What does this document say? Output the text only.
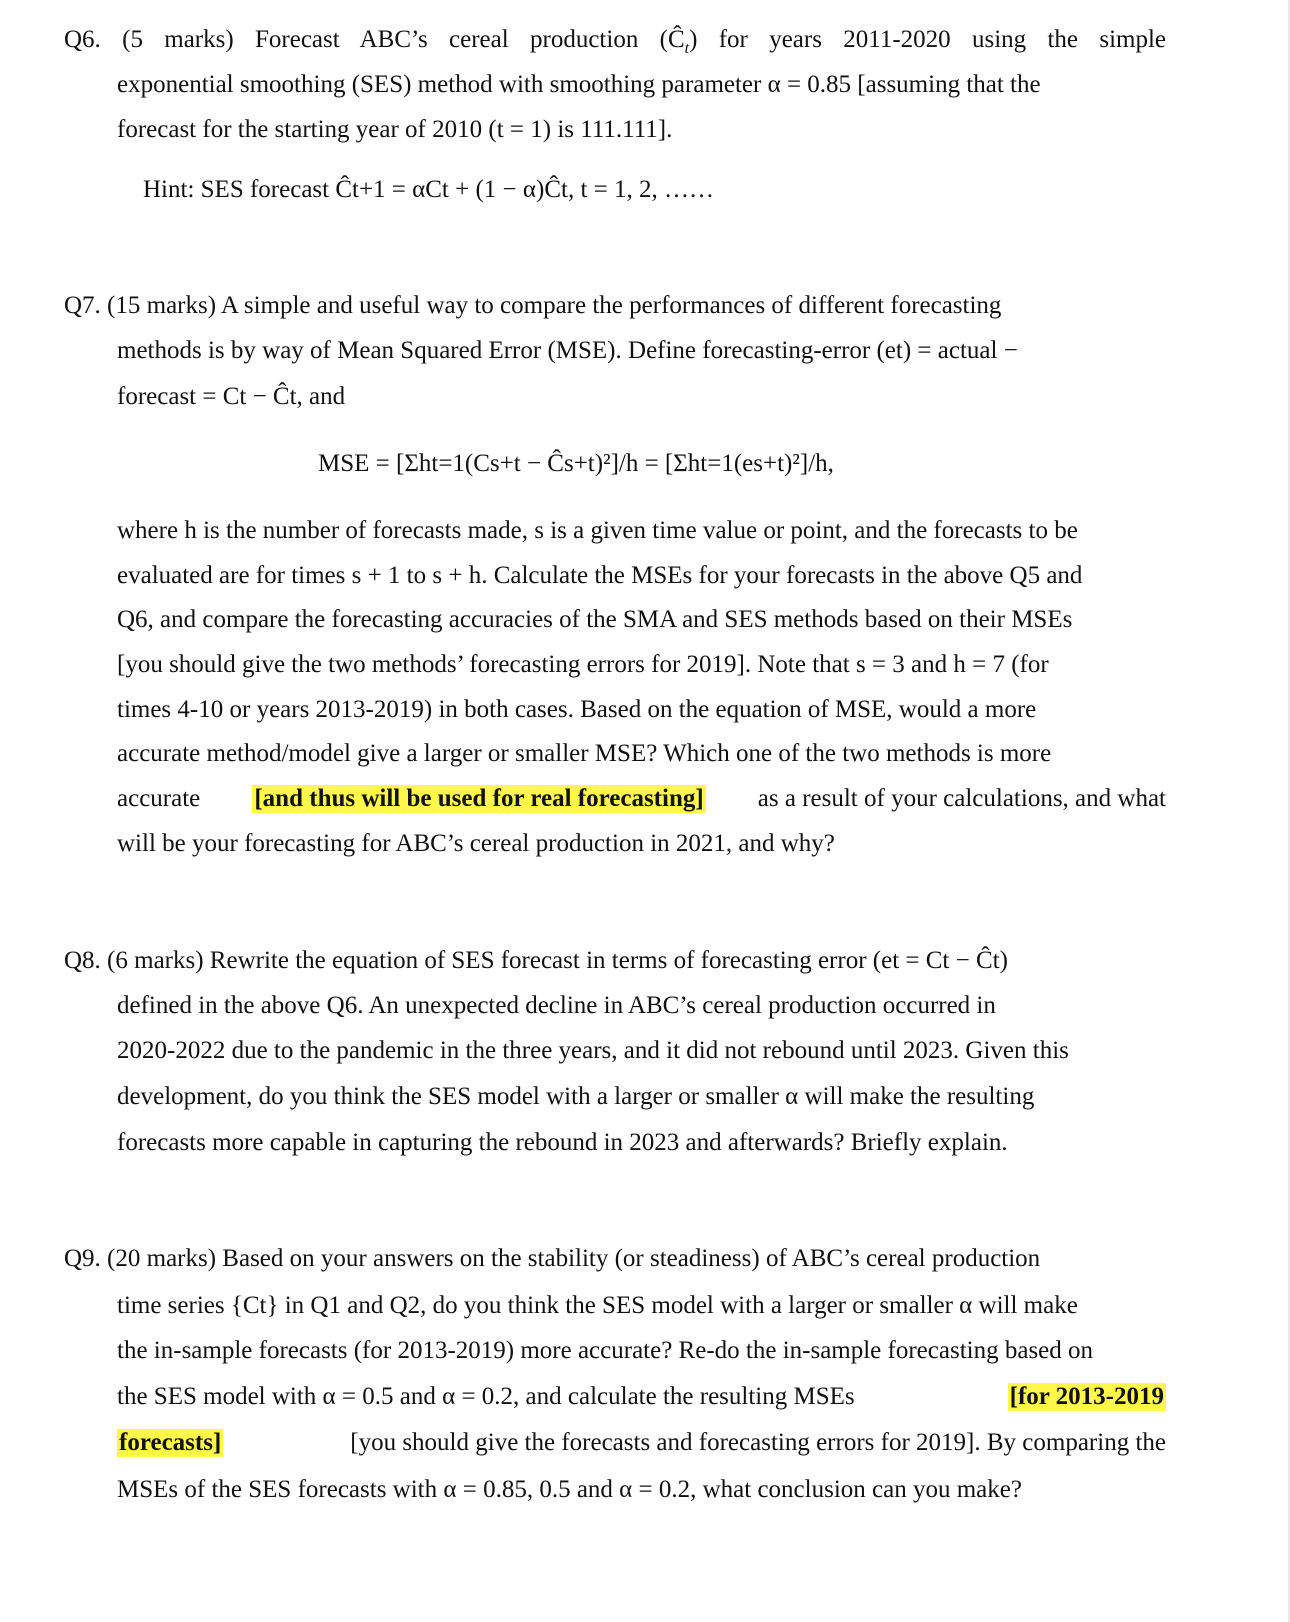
Q6. (5 marks) Forecast ABC’s cereal production $(Ĉ_t)$ for years 2011-2020 using the simple
exponential smoothing (SES) method with smoothing parameter α = 0.85 [assuming that the
forecast for the starting year of 2010 (t = 1) is 111.111].
Hint: SES forecast Ĉt+1 = αCt + (1 − α)Ĉt, t = 1, 2, ……
Q7. (15 marks) A simple and useful way to compare the performances of different forecasting
methods is by way of Mean Squared Error (MSE). Define forecasting-error (et) = actual −
forecast = Ct − Ĉt, and
MSE = [Σht=1(Cs+t − Ĉs+t)²]/h = [Σht=1(es+t)²]/h,
where h is the number of forecasts made, s is a given time value or point, and the forecasts to be
evaluated are for times s + 1 to s + h. Calculate the MSEs for your forecasts in the above Q5 and
Q6, and compare the forecasting accuracies of the SMA and SES methods based on their MSEs
[you should give the two methods’ forecasting errors for 2019]. Note that s = 3 and h = 7 (for
times 4-10 or years 2013-2019) in both cases. Based on the equation of MSE, would a more
accurate method/model give a larger or smaller MSE? Which one of the two methods is more
accurate [and thus will be used for real forecasting] as a result of your calculations, and what
will be your forecasting for ABC’s cereal production in 2021, and why?
Q8. (6 marks) Rewrite the equation of SES forecast in terms of forecasting error (et = Ct − Ĉt)
defined in the above Q6. An unexpected decline in ABC’s cereal production occurred in
2020-2022 due to the pandemic in the three years, and it did not rebound until 2023. Given this
development, do you think the SES model with a larger or smaller α will make the resulting
forecasts more capable in capturing the rebound in 2023 and afterwards? Briefly explain.
Q9. (20 marks) Based on your answers on the stability (or steadiness) of ABC’s cereal production
time series {Ct} in Q1 and Q2, do you think the SES model with a larger or smaller α will make
the in-sample forecasts (for 2013-2019) more accurate? Re-do the in-sample forecasting based on
the SES model with α = 0.5 and α = 0.2, and calculate the resulting MSEs	[for 2013-2019
forecasts]	[you should give the forecasts and forecasting errors for 2019]. By comparing the
MSEs of the SES forecasts with α = 0.85, 0.5 and α = 0.2, what conclusion can you make?
